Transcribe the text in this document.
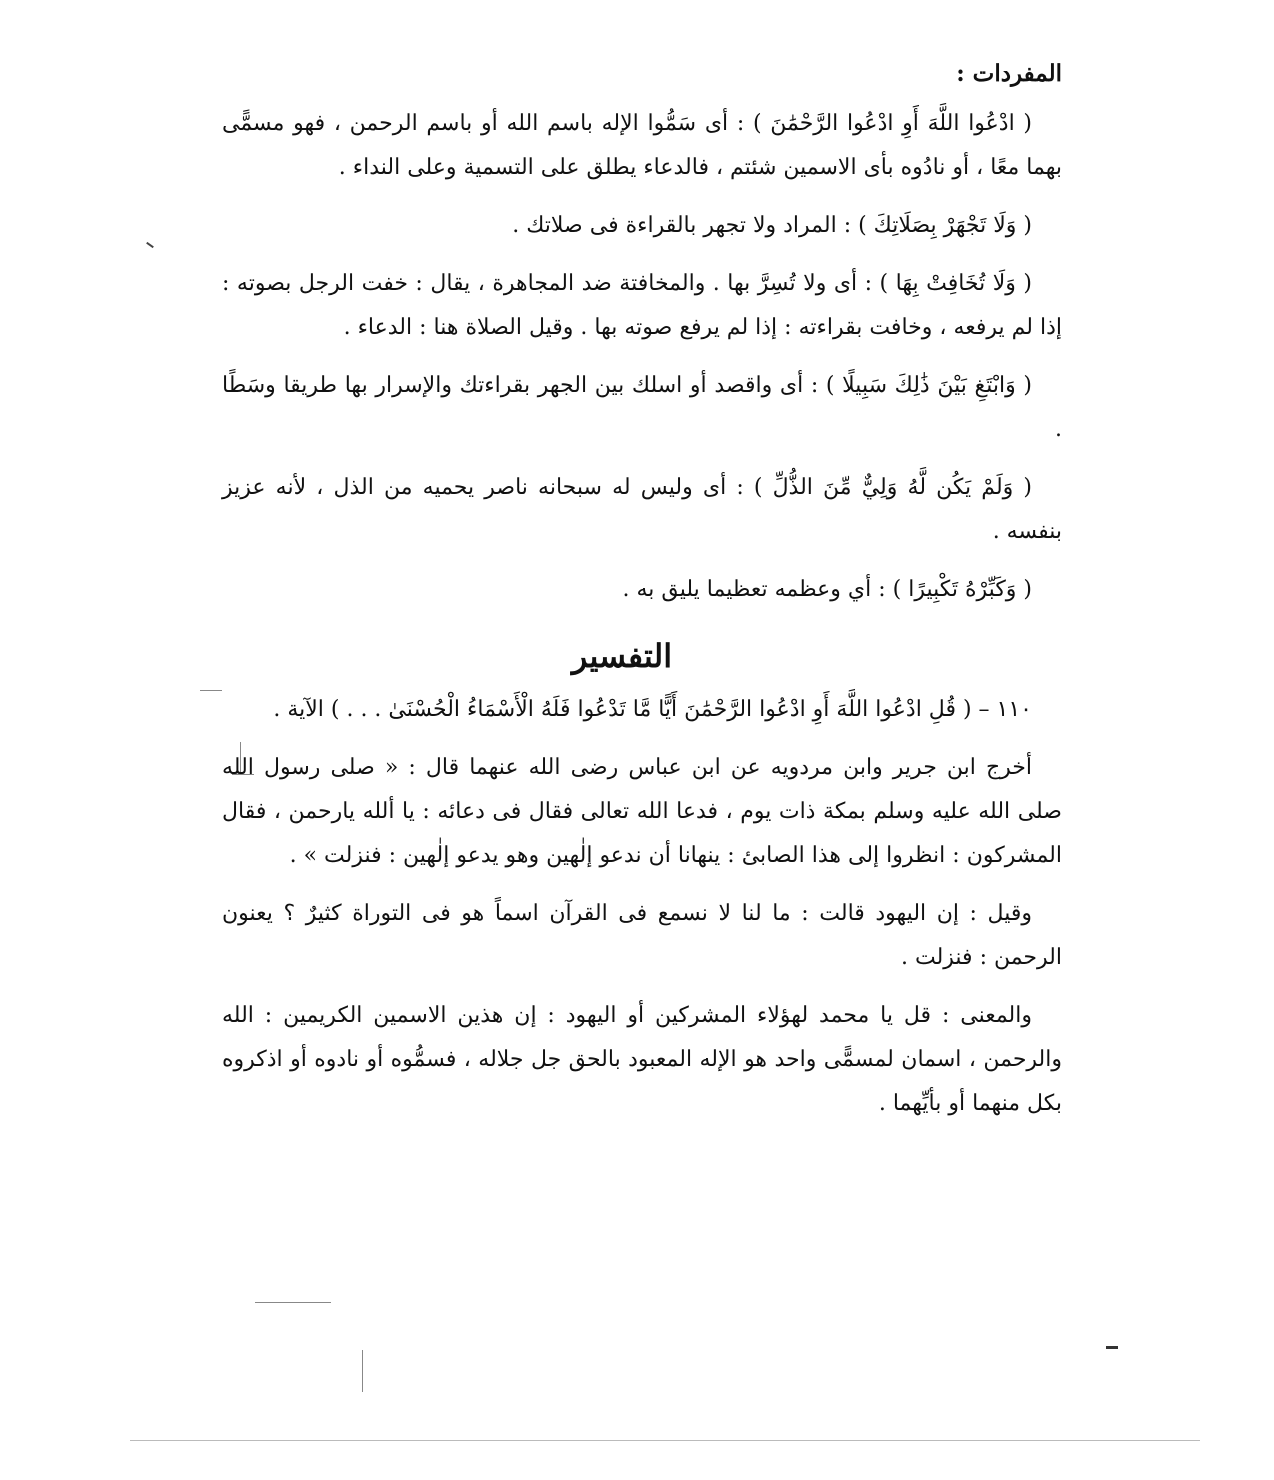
المفردات :

( ادْعُوا اللَّهَ أَوِ ادْعُوا الرَّحْمَٰنَ ) : أى سَمُّوا الإله باسم الله أو باسم الرحمن ، فهو مسمًّى بهما معًا ، أو نادُوه بأى الاسمين شئتم ، فالدعاء يطلق على التسمية وعلى النداء .

( وَلَا تَجْهَرْ بِصَلَاتِكَ ) : المراد ولا تجهر بالقراءة فى صلاتك .

( وَلَا تُخَافِتْ بِهَا ) : أى ولا تُسِرَّ بها . والمخافتة ضد المجاهرة ، يقال : خفت الرجل بصوته : إذا لم يرفعه ، وخافت بقراءته : إذا لم يرفع صوته بها . وقيل الصلاة هنا : الدعاء .

( وَابْتَغِ بَيْنَ ذَٰلِكَ سَبِيلًا ) : أى واقصد أو اسلك بين الجهر بقراءتك والإسرار بها طريقا وسَطًا .

( وَلَمْ يَكُن لَّهُ وَلِيٌّ مِّنَ الذُّلِّ ) : أى وليس له سبحانه ناصر يحميه من الذل ، لأنه عزيز بنفسه .

( وَكَبِّرْهُ تَكْبِيرًا ) : أي وعظمه تعظيما يليق به .

التفسير

١١٠ – ( قُلِ ادْعُوا اللَّهَ أَوِ ادْعُوا الرَّحْمَٰنَ أَيًّا مَّا تَدْعُوا فَلَهُ الْأَسْمَاءُ الْحُسْنَىٰ . . . ) الآية .

أخرج ابن جرير وابن مردويه عن ابن عباس رضى الله عنهما قال : « صلى رسول الله صلى الله عليه وسلم بمكة ذات يوم ، فدعا الله تعالى فقال فى دعائه : يا ألله يارحمن ، فقال المشركون : انظروا إلى هذا الصابئ : ينهانا أن ندعو إلٰهين وهو يدعو إلٰهين : فنزلت » .

وقيل : إن اليهود قالت : ما لنا لا نسمع فى القرآن اسماً هو فى التوراة كثيرٌ ؟ يعنون الرحمن : فنزلت .

والمعنى : قل يا محمد لهؤلاء المشركين أو اليهود : إن هذين الاسمين الكريمين : الله والرحمن ، اسمان لمسمًّى واحد هو الإله المعبود بالحق جل جلاله ، فسمُّوه أو نادوه أو اذكروه بكل منهما أو بأيِّهما .
